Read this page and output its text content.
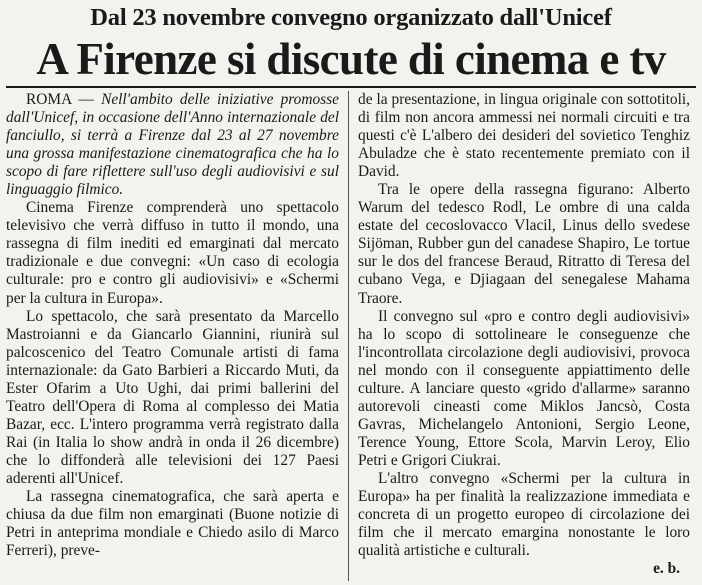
Dal 23 novembre convegno organizzato dall'Unicef
A Firenze si discute di cinema e tv

ROMA — Nell'ambito delle iniziative promosse dall'Unicef, in occasione dell'Anno internazionale del fanciullo, si terrà a Firenze dal 23 al 27 novembre una grossa manifestazione cinematografica che ha lo scopo di fare riflettere sull'uso degli audiovisivi e sul linguaggio filmico.

Cinema Firenze comprenderà uno spettacolo televisivo che verrà diffuso in tutto il mondo, una rassegna di film inediti ed emarginati dal mercato tradizionale e due convegni: «Un caso di ecologia culturale: pro e contro gli audiovisivi» e «Schermi per la cultura in Europa».

Lo spettacolo, che sarà presentato da Marcello Mastroianni e da Giancarlo Giannini, riunirà sul palcoscenico del Teatro Comunale artisti di fama internazionale: da Gato Barbieri a Riccardo Muti, da Ester Ofarim a Uto Ughi, dai primi ballerini del Teatro dell'Opera di Roma al complesso dei Matia Bazar, ecc. L'intero programma verrà registrato dalla Rai (in Italia lo show andrà in onda il 26 dicembre) che lo diffonderà alle televisioni dei 127 Paesi aderenti all'Unicef.

La rassegna cinematografica, che sarà aperta e chiusa da due film non emarginati (Buone notizie di Petri in anteprima mondiale e Chiedo asilo di Marco Ferreri), preve-

de la presentazione, in lingua originale con sottotitoli, di film non ancora ammessi nei normali circuiti e tra questi c'è L'albero dei desideri del sovietico Tenghiz Abuladze che è stato recentemente premiato con il David.

Tra le opere della rassegna figurano: Alberto Warum del tedesco Rodl, Le ombre di una calda estate del cecoslovacco Vlacil, Linus dello svedese Sijöman, Rubber gun del canadese Shapiro, Le tortue sur le dos del francese Beraud, Ritratto di Teresa del cubano Vega, e Djiagaan del senegalese Mahama Traore.

Il convegno sul «pro e contro degli audiovisivi» ha lo scopo di sottolineare le conseguenze che l'incontrollata circolazione degli audiovisivi, provoca nel mondo con il conseguente appiattimento delle culture. A lanciare questo «grido d'allarme» saranno autorevoli cineasti come Miklos Jancsò, Costa Gavras, Michelangelo Antonioni, Sergio Leone, Terence Young, Ettore Scola, Marvin Leroy, Elio Petri e Grigori Ciukrai.

L'altro convegno «Schermi per la cultura in Europa» ha per finalità la realizzazione immediata e concreta di un progetto europeo di circolazione dei film che il mercato emargina nonostante le loro qualità artistiche e culturali.

e. b.
